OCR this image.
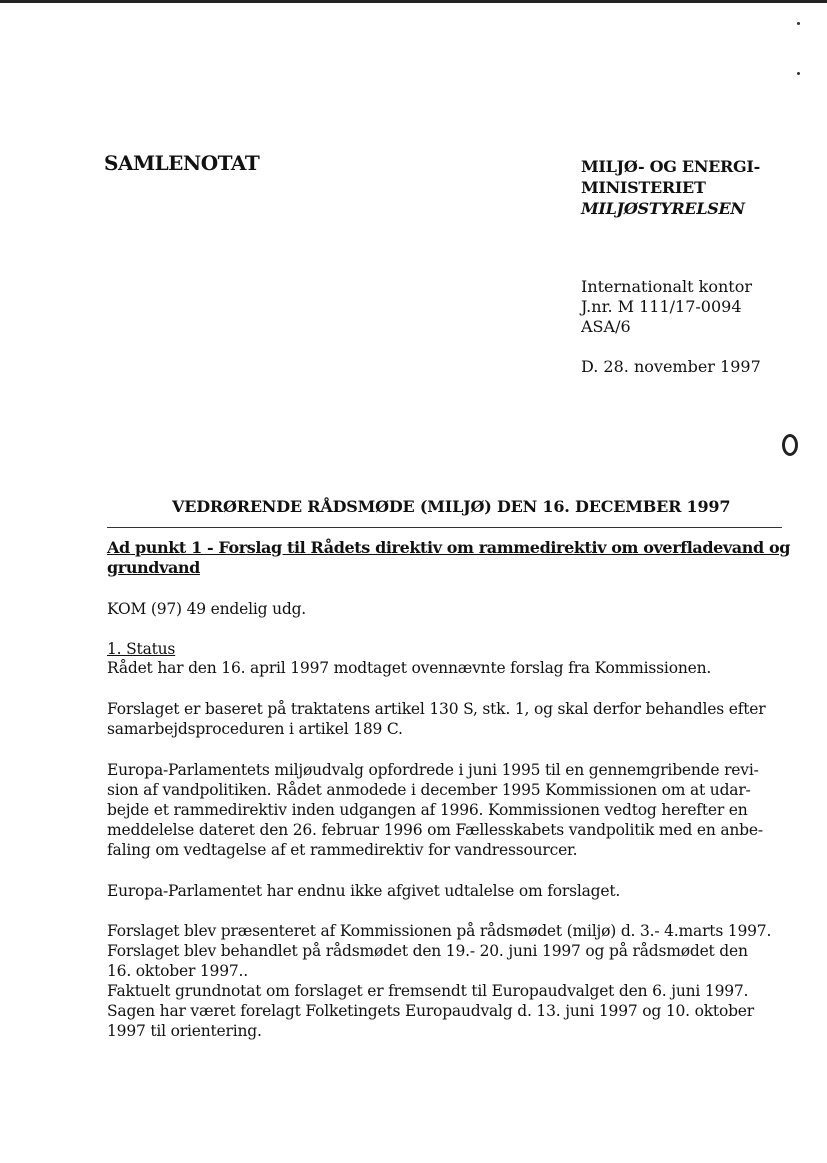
SAMLENOTAT	MILJØ- OG ENERGI-
MINISTERIET
MILJØSTYRELSEN
Internationalt kontor
J.nr. M 111/17-0094
ASA/6
D. 28. november 1997
VEDRØRENDE RÅDSMØDE (MILJØ) DEN 16. DECEMBER 1997
Ad punkt 1 - Forslag til Rådets direktiv om rammedirektiv om overfladevand og
grundvand
KOM (97) 49 endelig udg.
1. Status
Rådet har den 16. april 1997 modtaget ovennævnte forslag fra Kommissionen.
Forslaget er baseret på traktatens artikel 130 S, stk. 1, og skal derfor behandles efter
samarbejdsproceduren i artikel 189 C.
Europa-Parlamentets miljøudvalg opfordrede i juni 1995 til en gennemgribende revi-
sion af vandpolitiken. Rådet anmodede i december 1995 Kommissionen om at udar-
bejde et rammedirektiv inden udgangen af 1996. Kommissionen vedtog herefter en
meddelelse dateret den 26. februar 1996 om Fællesskabets vandpolitik med en anbe-
faling om vedtagelse af et rammedirektiv for vandressourcer.
Europa-Parlamentet har endnu ikke afgivet udtalelse om forslaget.
Forslaget blev præsenteret af Kommissionen på rådsmødet (miljø) d. 3.- 4.marts 1997.
Forslaget blev behandlet på rådsmødet den 19.- 20. juni 1997 og på rådsmødet den
16. oktober 1997..
Faktuelt grundnotat om forslaget er fremsendt til Europaudvalget den 6. juni 1997.
Sagen har været forelagt Folketingets Europaudvalg d. 13. juni 1997 og 10. oktober
1997 til orientering.
